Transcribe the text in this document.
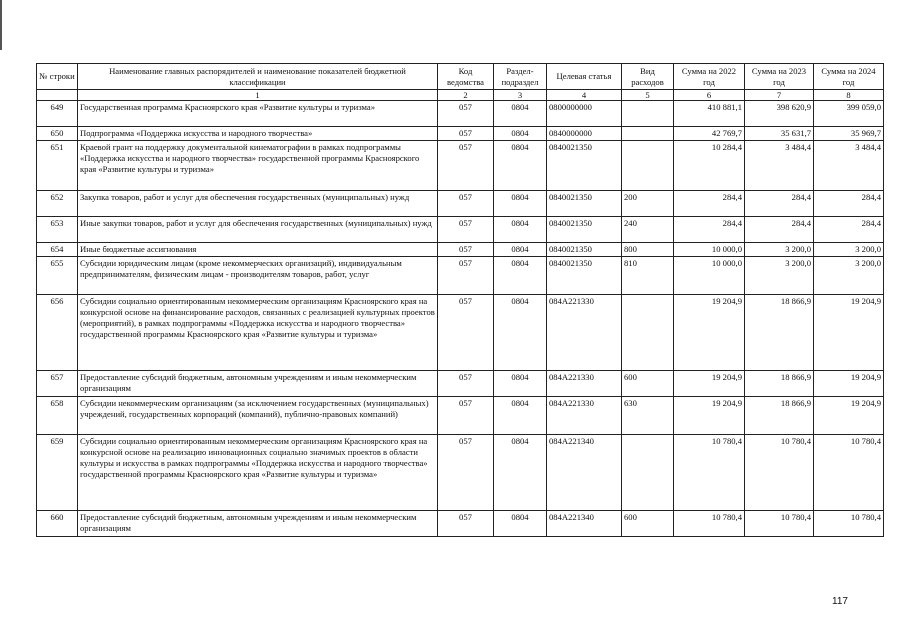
№ строки	Наименование главных распорядителей и наименование показателей бюджетной классификации	Код ведомства	Раздел-подраздел	Целевая статья	Вид расходов	Сумма на 2022 год	Сумма на 2023 год	Сумма на 2024 год
	1	2	3	4	5	6	7	8
649	Государственная программа Красноярского края «Развитие культуры и туризма»	057	0804	0800000000		410 881,1	398 620,9	399 059,0
650	Подпрограмма «Поддержка искусства и народного творчества»	057	0804	0840000000		42 769,7	35 631,7	35 969,7
651	Краевой грант на поддержку документальной кинематографии в рамках подпрограммы «Поддержка искусства и народного творчества» государственной программы Красноярского края «Развитие культуры и туризма»	057	0804	0840021350		10 284,4	3 484,4	3 484,4
652	Закупка товаров, работ и услуг для обеспечения государственных (муниципальных) нужд	057	0804	0840021350	200	284,4	284,4	284,4
653	Иные закупки товаров, работ и услуг для обеспечения государственных (муниципальных) нужд	057	0804	0840021350	240	284,4	284,4	284,4
654	Иные бюджетные ассигнования	057	0804	0840021350	800	10 000,0	3 200,0	3 200,0
655	Субсидии юридическим лицам (кроме некоммерческих организаций), индивидуальным предпринимателям, физическим лицам - производителям товаров, работ, услуг	057	0804	0840021350	810	10 000,0	3 200,0	3 200,0
656	Субсидии социально ориентированным некоммерческим организациям Красноярского края на конкурсной основе на финансирование расходов, связанных с реализацией культурных проектов (мероприятий), в рамках подпрограммы «Поддержка искусства и народного творчества» государственной программы Красноярского края «Развитие культуры и туризма»	057	0804	084А221330		19 204,9	18 866,9	19 204,9
657	Предоставление субсидий бюджетным, автономным учреждениям и иным некоммерческим организациям	057	0804	084А221330	600	19 204,9	18 866,9	19 204,9
658	Субсидии некоммерческим организациям (за исключением государственных (муниципальных) учреждений, государственных корпораций (компаний), публично-правовых компаний)	057	0804	084А221330	630	19 204,9	18 866,9	19 204,9
659	Субсидии социально ориентированным некоммерческим организациям Красноярского края на конкурсной основе на реализацию инновационных социально значимых проектов в области культуры и искусства в рамках подпрограммы «Поддержка искусства и народного творчества» государственной программы Красноярского края «Развитие культуры и туризма»	057	0804	084А221340		10 780,4	10 780,4	10 780,4
660	Предоставление субсидий бюджетным, автономным учреждениям и иным некоммерческим организациям	057	0804	084А221340	600	10 780,4	10 780,4	10 780,4
117
